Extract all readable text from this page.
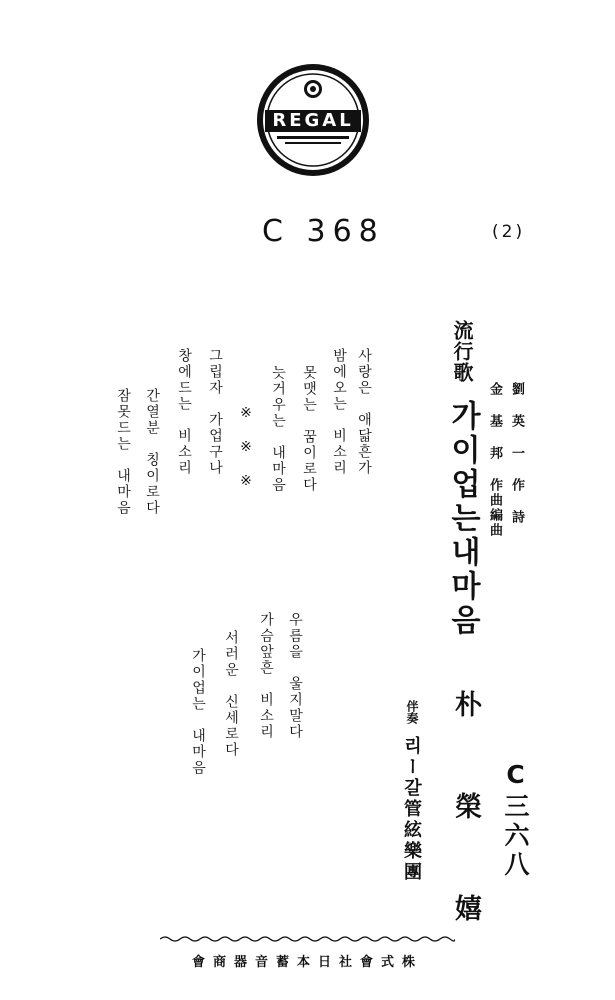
REGAL
C 368	(2)
劉 英 一 作 詩
金 基 邦 作曲編曲
流行歌
가이업는내마음
朴 榮 嬉
伴奏
리ー갈管絃樂團	C三六八
사랑은　애닯흔가
밤에오는　비소리
못맷는　꿈이로다
늣거우는　내마음
※　※　※
그립자　가업구나
창에드는　비소리
간열분　칭이로다
잠못드는　내마음
우름을　울지말다
가슴앞흔　비소리
서러운　신세로다
가이업는　내마음
會商器音蓄本日社會式株
